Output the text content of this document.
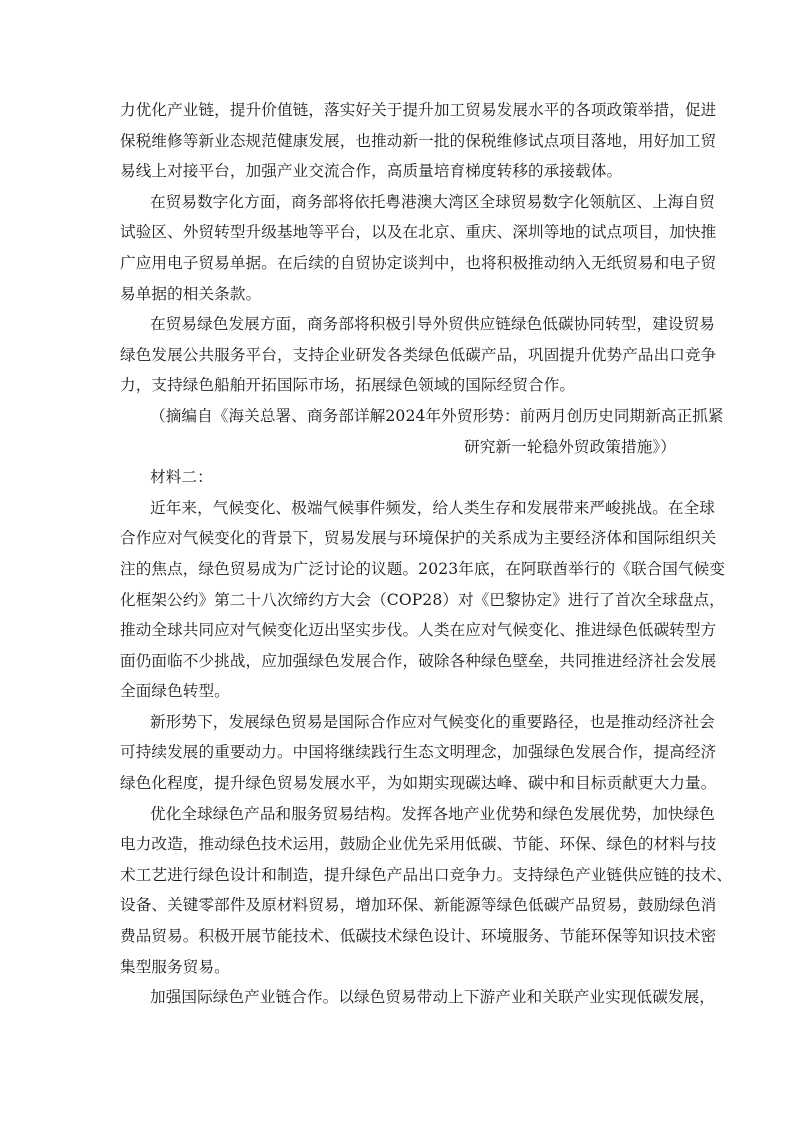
力优化产业链，提升价值链，落实好关于提升加工贸易发展水平的各项政策举措，促进
保税维修等新业态规范健康发展，也推动新一批的保税维修试点项目落地，用好加工贸
易线上对接平台，加强产业交流合作，高质量培育梯度转移的承接载体。
在贸易数字化方面，商务部将依托粤港澳大湾区全球贸易数字化领航区、上海自贸
试验区、外贸转型升级基地等平台，以及在北京、重庆、深圳等地的试点项目，加快推
广应用电子贸易单据。在后续的自贸协定谈判中，也将积极推动纳入无纸贸易和电子贸
易单据的相关条款。
在贸易绿色发展方面，商务部将积极引导外贸供应链绿色低碳协同转型，建设贸易
绿色发展公共服务平台，支持企业研发各类绿色低碳产品，巩固提升优势产品出口竞争
力，支持绿色船舶开拓国际市场，拓展绿色领域的国际经贸合作。
（摘编自《海关总署、商务部详解2024年外贸形势：前两月创历史同期新高正抓紧
研究新一轮稳外贸政策措施》）
材料二：
近年来，气候变化、极端气候事件频发，给人类生存和发展带来严峻挑战。在全球
合作应对气候变化的背景下，贸易发展与环境保护的关系成为主要经济体和国际组织关
注的焦点，绿色贸易成为广泛讨论的议题。2023年底，在阿联酋举行的《联合国气候变
化框架公约》第二十八次缔约方大会（COP28）对《巴黎协定》进行了首次全球盘点，
推动全球共同应对气候变化迈出坚实步伐。人类在应对气候变化、推进绿色低碳转型方
面仍面临不少挑战，应加强绿色发展合作，破除各种绿色壁垒，共同推进经济社会发展
全面绿色转型。
新形势下，发展绿色贸易是国际合作应对气候变化的重要路径，也是推动经济社会
可持续发展的重要动力。中国将继续践行生态文明理念，加强绿色发展合作，提高经济
绿色化程度，提升绿色贸易发展水平，为如期实现碳达峰、碳中和目标贡献更大力量。
优化全球绿色产品和服务贸易结构。发挥各地产业优势和绿色发展优势，加快绿色
电力改造，推动绿色技术运用，鼓励企业优先采用低碳、节能、环保、绿色的材料与技
术工艺进行绿色设计和制造，提升绿色产品出口竞争力。支持绿色产业链供应链的技术、
设备、关键零部件及原材料贸易，增加环保、新能源等绿色低碳产品贸易，鼓励绿色消
费品贸易。积极开展节能技术、低碳技术绿色设计、环境服务、节能环保等知识技术密
集型服务贸易。
加强国际绿色产业链合作。以绿色贸易带动上下游产业和关联产业实现低碳发展，
